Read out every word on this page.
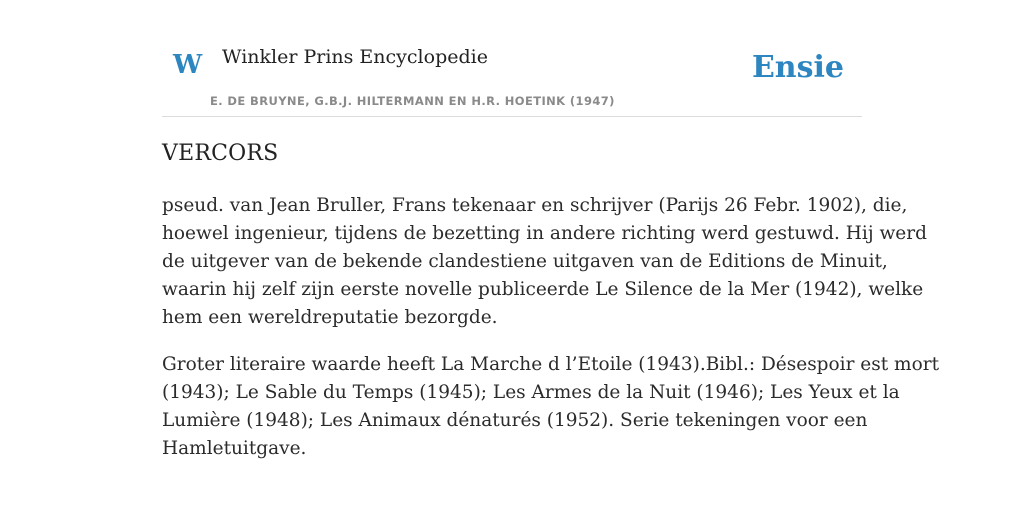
W Winkler Prins Encyclopedie
E. DE BRUYNE, G.B.J. HILTERMANN EN H.R. HOETINK (1947)
Ensie
VERCORS

pseud. van Jean Bruller, Frans tekenaar en schrijver (Parijs 26 Febr. 1902), die,
hoewel ingenieur, tijdens de bezetting in andere richting werd gestuwd. Hij werd
de uitgever van de bekende clandestiene uitgaven van de Editions de Minuit,
waarin hij zelf zijn eerste novelle publiceerde Le Silence de la Mer (1942), welke
hem een wereldreputatie bezorgde.

Groter literaire waarde heeft La Marche d l’Etoile (1943).Bibl.: Désespoir est mort
(1943); Le Sable du Temps (1945); Les Armes de la Nuit (1946); Les Yeux et la
Lumière (1948); Les Animaux dénaturés (1952). Serie tekeningen voor een
Hamletuitgave.
